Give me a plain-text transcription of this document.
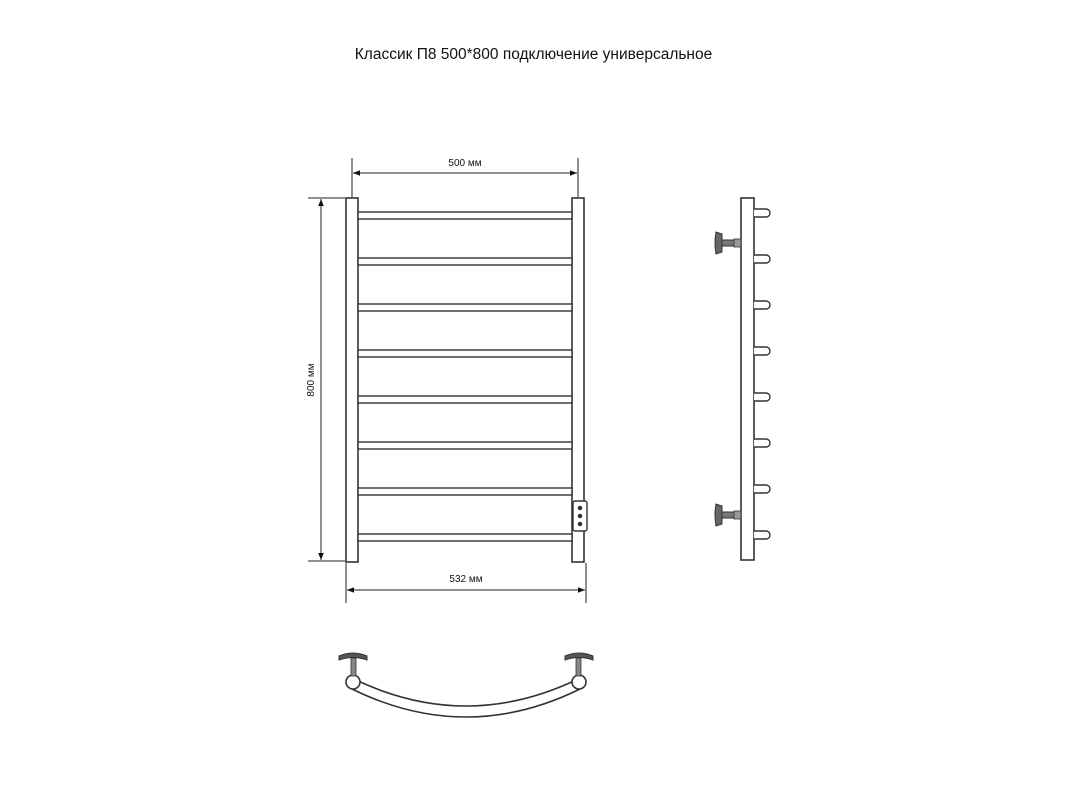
Классик П8 500*800 подключение универсальное
500 мм
800 мм
532 мм
